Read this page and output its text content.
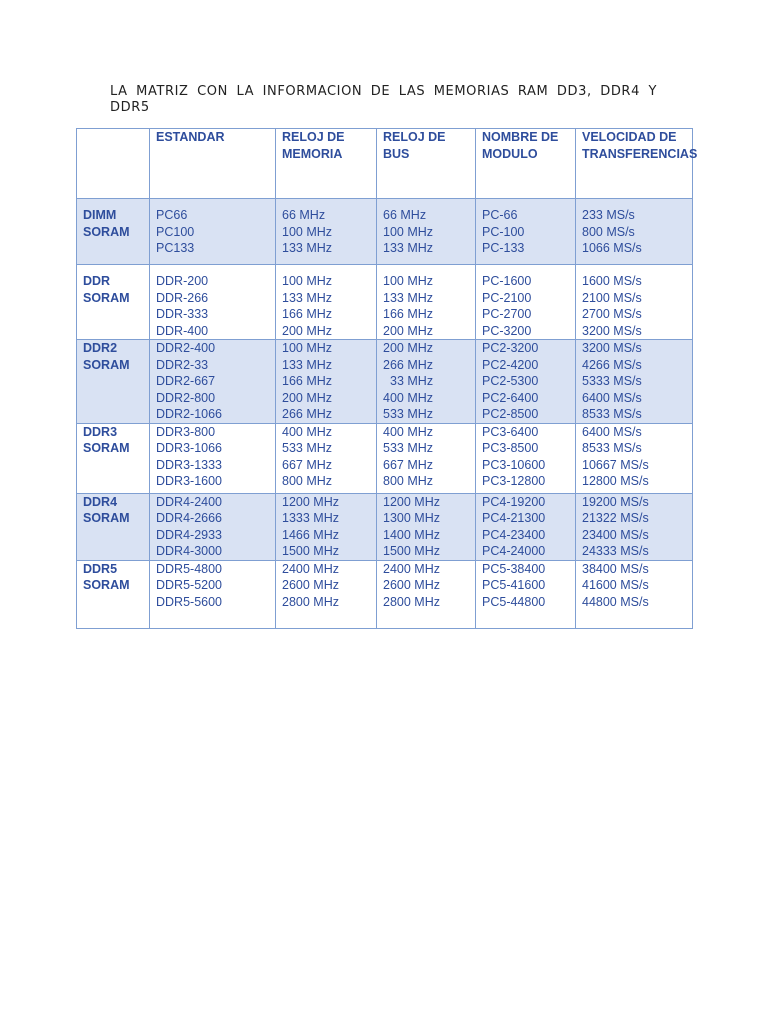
LA MATRIZ CON LA INFORMACION DE LAS MEMORIAS RAM DD3, DDR4 Y DDR5
	ESTANDAR	RELOJ DE MEMORIA	RELOJ DE BUS	NOMBRE DE MODULO	VELOCIDAD DE TRANSFERENCIAS
DIMM SORAM	PC66
PC100
PC133	66 MHz
100 MHz
133 MHz	66 MHz
100 MHz
133 MHz	PC-66
PC-100
PC-133	233 MS/s
800 MS/s
1066 MS/s

DDR SORAM	DDR-200
DDR-266
DDR-333
DDR-400	100 MHz
133 MHz
166 MHz
200 MHz	100 MHz
133 MHz
166 MHz
200 MHz	PC-1600
PC-2100
PC-2700
PC-3200	1600 MS/s
2100 MS/s
2700 MS/s
3200 MS/s

DDR2 SORAM	DDR2-400
DDR2-33
DDR2-667
DDR2-800
DDR2-1066	100 MHz
133 MHz
166 MHz
200 MHz
266 MHz	200 MHz
266 MHz
33 MHz
400 MHz
533 MHz	PC2-3200
PC2-4200
PC2-5300
PC2-6400
PC2-8500	3200 MS/s
4266 MS/s
5333 MS/s
6400 MS/s
8533 MS/s

DDR3 SORAM	DDR3-800
DDR3-1066
DDR3-1333
DDR3-1600	400 MHz
533 MHz
667 MHz
800 MHz	400 MHz
533 MHz
667 MHz
800 MHz	PC3-6400
PC3-8500
PC3-10600
PC3-12800	6400 MS/s
8533 MS/s
10667 MS/s
12800 MS/s

DDR4 SORAM	DDR4-2400
DDR4-2666
DDR4-2933
DDR4-3000	1200 MHz
1333 MHz
1466 MHz
1500 MHz	1200 MHz
1300 MHz
1400 MHz
1500 MHz	PC4-19200
PC4-21300
PC4-23400
PC4-24000	19200 MS/s
21322 MS/s
23400 MS/s
24333 MS/s

DDR5 SORAM	DDR5-4800
DDR5-5200
DDR5-5600	2400 MHz
2600 MHz
2800 MHz	2400 MHz
2600 MHz
2800 MHz	PC5-38400
PC5-41600
PC5-44800	38400 MS/s
41600 MS/s
44800 MS/s
